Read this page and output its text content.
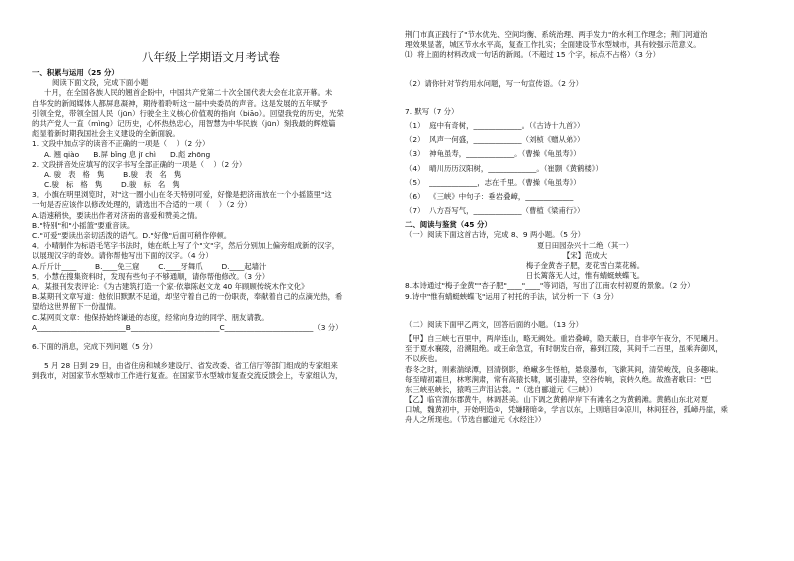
八年级上学期语文月考试卷
一、积累与运用（25 分）
阅读下面文段，完成下面小题
十月，在全国各族人民的翘首企盼中，中国共产党第二十次全国代表大会在北京开幕。未
自华发的新闻媒体人都屏息凝神，期待着聆听这一届中央委员的声音。这是发展的五年赋予
引领全党，带领全国人民（jūn）行驶全主义核心价值观的指向（biāo）。回望我党的历史，光荣
的共产党人一直（mìng）记历史，心怀热热忠心，用智慧为中华民族（jūn）刻我最的辉煌篇
彪显着新时期我国社会主义建设的全新面貌。
1. 文段中加点字的读音不正确的一项是（    ）（2 分）
A. 翘 qiào      B.屏 bǐng 息 jī chì      D.彪 zhōng
2. 文段拼音处应填写的汉字书写全部正确的一项是（    ）（2 分）
A. 骏   表   格   隽        B.骏   表   名   隽
C.骏   标   格   隽        D.骏   标   名   隽
3．小旗在明里浏览时，对"这一圈小山在冬天特别可爱，好像是把济南放在一个小摇篮里"这
一句是否应该作以修改处理的，请选出不合适的一项（    ）（2 分）
A.语速稍快，要读出作者对济南的喜爱和赞美之情。
B."特别"和"小摇篮"要重音读。
C."可爱"要读出亲切活泼的语气。D."好像"后面可稍作停顿。
4．小晴制作为标语毛笔字书法时，她在纸上写了个"文"字，然后分别加上偏旁组成新的汉字，
以展现汉字的奇妙。请你帮他写出下面的汉字。（4 分）
A.斤斤计____        B.____免三窟        C.____牙舞爪        D.____起墙汁
5．小慧在搜集资料时，发现有些句子不够通顺，请你帮他修改。（3 分）
A．某报刊发表评论：《为古建筑打造一个家·依靠陈赵文龙 40 年顾顾传统木作文化》
B.某期刊文章写道：他依旧默默不足道，却坚守着自己的一份职责，奉献着自己的点滴光热，希
望给这世界留下一份温情。
C.某网页文章：他保持始终谦逊的态度，经常向身边的同学、朋友请教。
A________________________B________________________C________________________（3 分）
6.下面的消息，完成下列问题（5 分）
5 月 28 日到 29 日，由省住房和城乡建设厅、省发改委、省工信厅等部门组成的专家组来
到我市，对国家节水型城市工作进行复查。在国家节水型城市复查交流反馈会上，专家组认为，
荆门市真正践行了"节水优先、空间均衡、系统治理、两手发力"的水利工作理念；荆门河道治
理效果显著，城区节水水平高，复查工作扎实；全面建设节水型城市，具有较强示范意义。
⑴  将上面的材料改成一句话的新闻。（不超过 15 个字，标点不占格）（3 分）
（2）请你针对节约用水问题，写一句宣传语。（2 分）
7. 默写（7 分）
（1）  庭中有奇树，_____________。（《古诗十九首》）
（2）  风声一何盛，_____________（刘桢《赠从弟》）
（3）  神龟虽寿，_____________。（曹操《龟虽寿》）
（4）  晴川历历汉阳树，_____________。（崔颢《黄鹤楼》）
（5）  _____________，志在千里。（曹操《龟虽寿》）
（6）  《三峡》中句子：垂岩叠嶂，_____________
（7）  八方吾写气，_____________（曹植《梁甫行》）
二、阅读与鉴赏（45 分）
（一）阅读下面这首古诗，完成 8、9 两小题。（5 分）
夏日田园杂兴十二绝（其一）
【宋】范成大
梅子金黄杏子肥，麦花雪白菜花稀。
日长篱落无人过，惟有蜻蜓蛱蝶飞。
8.本诗通过"梅子金黄""杏子肥"____"____"等词语，写出了江南农村初夏的景象。（2 分）
9.诗中"惟有蜻蜓蛱蝶飞"运用了衬托的手法，试分析一下（3 分）
（二）阅读下面甲乙两文，回答后面的小题。（13 分）
【甲】自三峡七百里中，两岸连山，略无阙处。重岩叠嶂，隐天蔽日，自非亭午夜分，不见曦月。
至于夏水襄陵，沿溯阻绝。或王命急宣，有时朝发白帝，暮到江陵，其间千二百里，虽乘奔御风，
不以疾也。
春冬之时，则素湍绿潭，回清倒影，绝𪩘多生怪柏，悬泉瀑布，飞漱其间，清荣峻茂，良多趣味。
每至晴初霜旦，林寒涧肃，常有高猿长啸，属引凄异，空谷传响，哀转久绝。故渔者歌曰："巴
东三峡巫峡长，猿鸣三声泪沾裳。"（选自郦道元《三峡》）
【乙】临官渭东郡黄牛，林调甚美。山下调之黄鹤岸岸下有滩名之为黄鹤滩。黄鹤山东北对夏
口城，魏黄初中，开始明造①，凭嫌睹暗②，学言以东，上则暗目③凉川，林间狂谷，孤嶂丹崖，乘
舟人之所现也。（节选自郦道元《水经注》）
